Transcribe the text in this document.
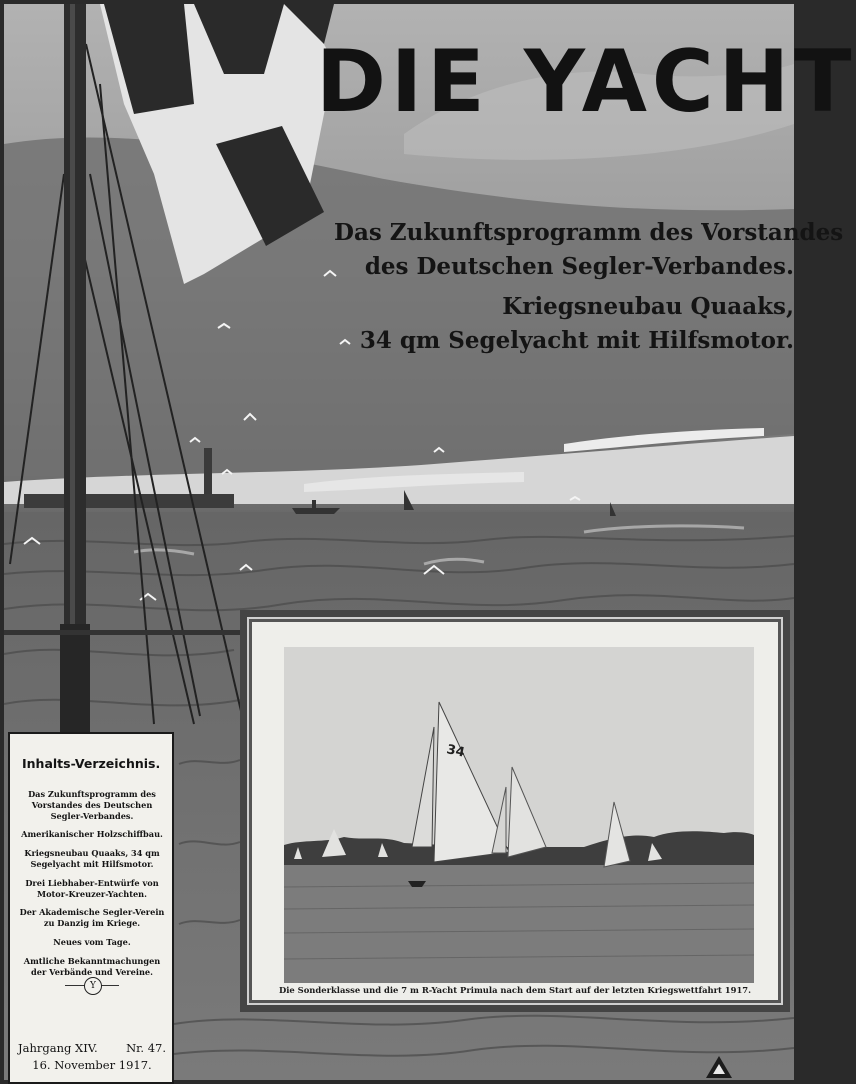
DIE YACHT
Das Zukunftsprogramm des Vorstandes
des Deutschen Segler-Verbandes.
Kriegsneubau Quaaks,
34 qm Segelyacht mit Hilfsmotor.
34
Die Sonderklasse und die 7 m R-Yacht Primula nach dem Start auf der letzten Kriegswettfahrt 1917.
Inhalts-Verzeichnis.
Das Zukunftsprogramm des Vorstandes des Deutschen Segler-Verbandes.
Amerikanischer Holzschiffbau.
Kriegsneubau Quaaks, 34 qm Segelyacht mit Hilfsmotor.
Drei Liebhaber-Entwürfe von Motor-Kreuzer-Yachten.
Der Akademische Segler-Verein zu Danzig im Kriege.
Neues vom Tage.
Amtliche Bekanntmachungen der Verbände und Vereine.
Y
Jahrgang XIV. Nr. 47.
16. November 1917.
